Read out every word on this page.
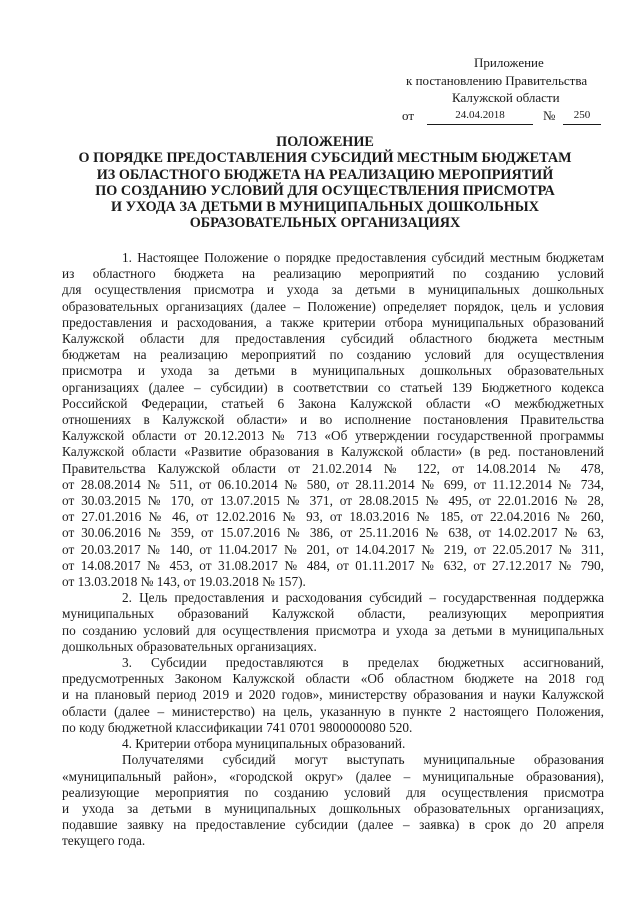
Приложение
к постановлению Правительства
Калужской области
от	24.04.2018	№	250
ПОЛОЖЕНИЕ
О ПОРЯДКЕ ПРЕДОСТАВЛЕНИЯ СУБСИДИЙ МЕСТНЫМ БЮДЖЕТАМ
ИЗ ОБЛАСТНОГО БЮДЖЕТА НА РЕАЛИЗАЦИЮ МЕРОПРИЯТИЙ
ПО СОЗДАНИЮ УСЛОВИЙ ДЛЯ ОСУЩЕСТВЛЕНИЯ ПРИСМОТРА
И УХОДА ЗА ДЕТЬМИ В МУНИЦИПАЛЬНЫХ ДОШКОЛЬНЫХ
ОБРАЗОВАТЕЛЬНЫХ ОРГАНИЗАЦИЯХ

1. Настоящее Положение о порядке предоставления субсидий местным бюджетам

из областного бюджета на реализацию мероприятий по созданию условий

для осуществления присмотра и ухода за детьми в муниципальных дошкольных

образовательных организациях (далее – Положение) определяет порядок, цель и условия

предоставления и расходования, а также критерии отбора муниципальных образований

Калужской области для предоставления субсидий областного бюджета местным

бюджетам на реализацию мероприятий по созданию условий для осуществления

присмотра и ухода за детьми в муниципальных дошкольных образовательных

организациях (далее – субсидии) в соответствии со статьей 139 Бюджетного кодекса

Российской Федерации, статьей 6 Закона Калужской области «О межбюджетных

отношениях в Калужской области» и во исполнение постановления Правительства

Калужской области от 20.12.2013 № 713 «Об утверждении государственной программы

Калужской области «Развитие образования в Калужской области» (в ред. постановлений

Правительства Калужской области от 21.02.2014 № 122, от 14.08.2014 № 478,

от 28.08.2014 № 511, от 06.10.2014 № 580, от 28.11.2014 № 699, от 11.12.2014 № 734,

от 30.03.2015 № 170, от 13.07.2015 № 371, от 28.08.2015 № 495, от 22.01.2016 № 28,

от 27.01.2016 № 46, от 12.02.2016 № 93, от 18.03.2016 № 185, от 22.04.2016 № 260,

от 30.06.2016 № 359, от 15.07.2016 № 386, от 25.11.2016 № 638, от 14.02.2017 № 63,

от 20.03.2017 № 140, от 11.04.2017 № 201, от 14.04.2017 № 219, от 22.05.2017 № 311,

от 14.08.2017 № 453, от 31.08.2017 № 484, от 01.11.2017 № 632, от 27.12.2017 № 790,

от 13.03.2018 № 143, от 19.03.2018 № 157).

2. Цель предоставления и расходования субсидий – государственная поддержка

муниципальных образований Калужской области, реализующих мероприятия

по созданию условий для осуществления присмотра и ухода за детьми в муниципальных

дошкольных образовательных организациях.

3. Субсидии предоставляются в пределах бюджетных ассигнований,

предусмотренных Законом Калужской области «Об областном бюджете на 2018 год

и на плановый период 2019 и 2020 годов», министерству образования и науки Калужской

области (далее – министерство) на цель, указанную в пункте 2 настоящего Положения,

по коду бюджетной классификации 741 0701 9800000080 520.

4. Критерии отбора муниципальных образований.

Получателями субсидий могут выступать муниципальные образования

«муниципальный район», «городской округ» (далее – муниципальные образования),

реализующие мероприятия по созданию условий для осуществления присмотра

и ухода за детьми в муниципальных дошкольных образовательных организациях,

подавшие заявку на предоставление субсидии (далее – заявка) в срок до 20 апреля

текущего года.
